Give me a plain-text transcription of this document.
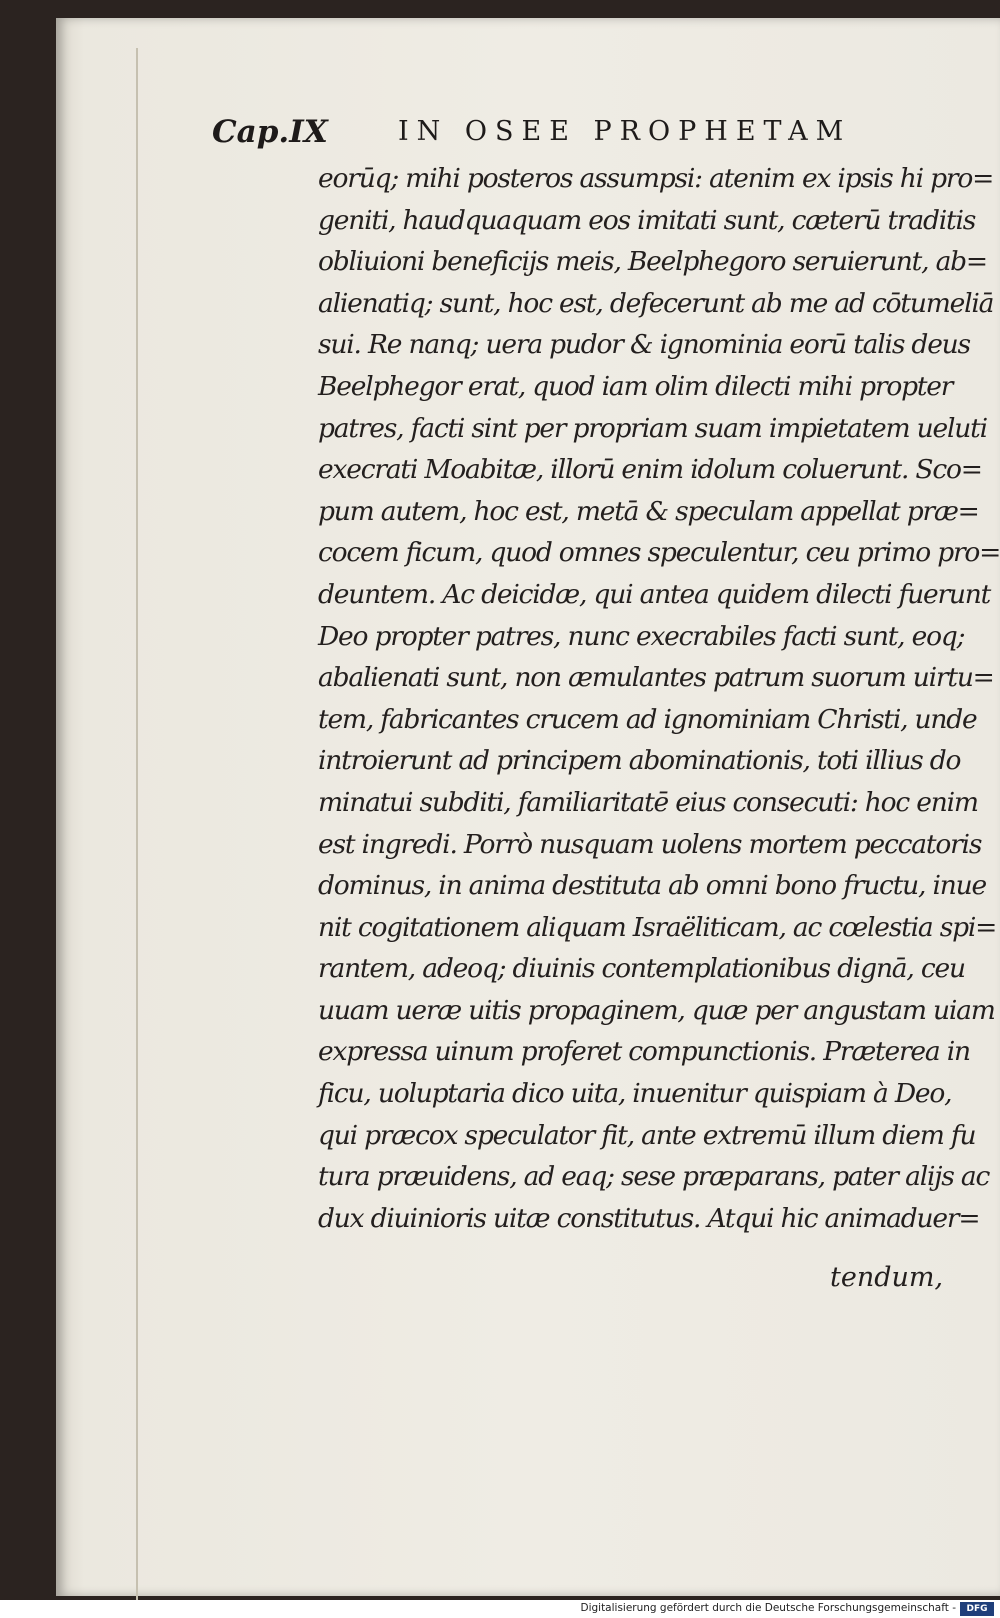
Cap.IX	IN OSEE PROPHETAM
eorūq; mihi posteros assumpsi: atenim ex ipsis hi pro=
geniti, haudquaquam eos imitati sunt, cæterū traditis
obliuioni beneficijs meis, Beelphegoro seruierunt, ab=
alienatiq; sunt, hoc est, defecerunt ab me ad cōtumeliā
sui. Re nanq; uera pudor & ignominia eorū talis deus
Beelphegor erat, quod iam olim dilecti mihi propter
patres, facti sint per propriam suam impietatem ueluti
execrati Moabitæ, illorū enim idolum coluerunt. Sco=
pum autem, hoc est, metā & speculam appellat præ=
cocem ficum, quod omnes speculentur, ceu primo pro=
deuntem. Ac deicidæ, qui antea quidem dilecti fuerunt
Deo propter patres, nunc execrabiles facti sunt, eoq;
abalienati sunt, non æmulantes patrum suorum uirtu=
tem, fabricantes crucem ad ignominiam Christi, unde
introierunt ad principem abominationis, toti illius do
minatui subditi, familiaritatē eius consecuti: hoc enim
est ingredi. Porrò nusquam uolens mortem peccatoris
dominus, in anima destituta ab omni bono fructu, inue
nit cogitationem aliquam Israëliticam, ac cœlestia spi=
rantem, adeoq; diuinis contemplationibus dignā, ceu
uuam ueræ uitis propaginem, quæ per angustam uiam
expressa uinum proferet compunctionis. Præterea in
ficu, uoluptaria dico uita, inuenitur quispiam à Deo,
qui præcox speculator fit, ante extremū illum diem fu
tura præuidens, ad eaq; sese præparans, pater alijs ac
dux diuinioris uitæ constitutus. Atqui hic animaduer=
tendum,
Digitalisierung gefördert durch die Deutsche Forschungsgemeinschaft -	DFG
